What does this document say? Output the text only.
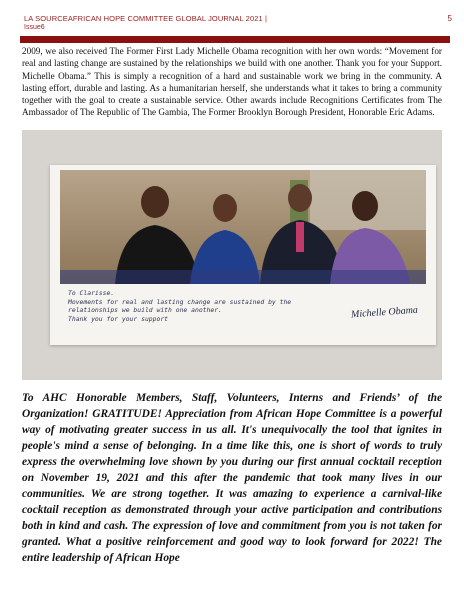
LA SOURCEAFRICAN HOPE COMMITTEE GLOBAL JOURNAL 2021 |
Issue6
5

2009, we also received The Former First Lady Michelle Obama recognition with her own words: “Movement for real and lasting change are sustained by the relationships we build with one another. Thank you for your Support. Michelle Obama.” This is simply a recognition of a hard and sustainable work we bring in the community. A lasting effort, durable and lasting. As a humanitarian herself, she understands what it takes to bring a community together with the goal to create a sustainable service. Other awards include Recognitions Certificates from The Ambassador of The Republic of The Gambia, The Former Brooklyn Borough President, Honorable Eric Adams.

To Clarisse.
Movements for real and lasting change are sustained by the
relationships we build with one another.
Thank you for your support	Michelle Obama

To AHC Honorable Members, Staff, Volunteers, Interns and Friends’ of the Organization! GRATITUDE! Appreciation from African Hope Committee is a powerful way of motivating greater success in us all. It's unequivocally the tool that ignites in people's mind a sense of belonging. In a time like this, one is short of words to truly express the overwhelming love shown by you during our first annual cocktail reception on November 19, 2021 and this after the pandemic that took many lives in our communities. We are strong together. It was amazing to experience a carnival-like cocktail reception as demonstrated through your active participation and contributions both in kind and cash. The expression of love and commitment from you is not taken for granted. What a positive reinforcement and good way to look forward for 2022! The entire leadership of African Hope
